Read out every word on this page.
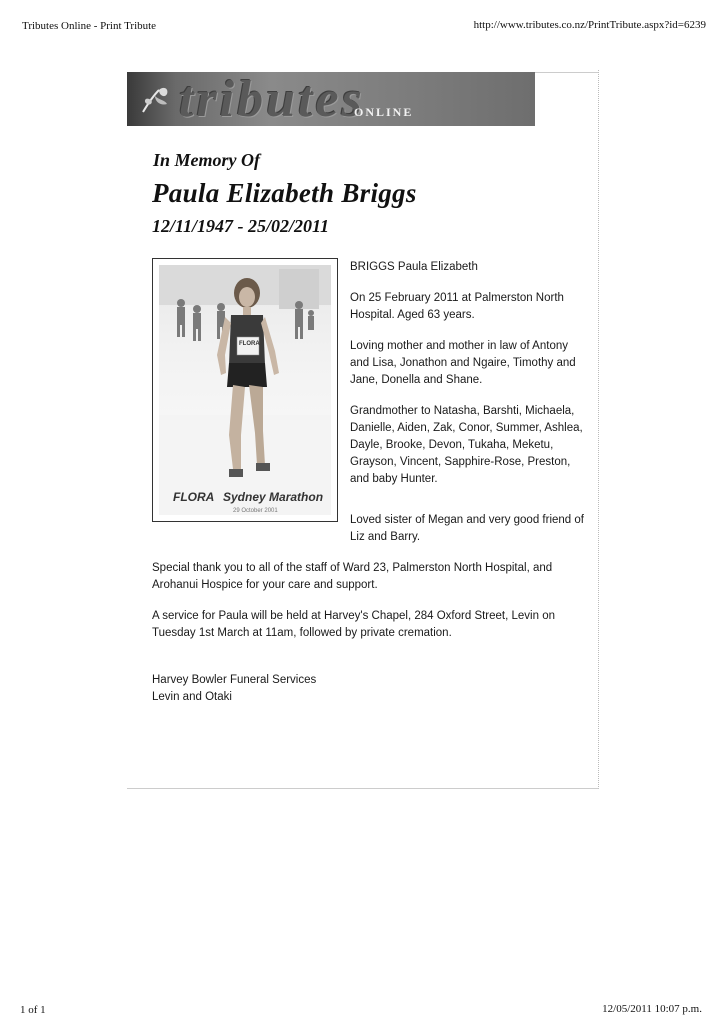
Tributes Online - Print Tribute	http://www.tributes.co.nz/PrintTribute.aspx?id=6239
tributes
ONLINE
In Memory Of
Paula Elizabeth Briggs
12/11/1947 - 25/02/2011
FLORA
FLORA Sydney Marathon
29 October 2001

BRIGGS Paula Elizabeth

On 25 February 2011 at Palmerston North Hospital. Aged 63 years.

Loving mother and mother in law of Antony and Lisa, Jonathon and Ngaire, Timothy and Jane, Donella and Shane.

Grandmother to Natasha, Barshti, Michaela, Danielle, Aiden, Zak, Conor, Summer, Ashlea, Dayle, Brooke, Devon, Tukaha, Meketu, Grayson, Vincent, Sapphire-Rose, Preston, and baby Hunter.

Loved sister of Megan and very good friend of Liz and Barry.

Special thank you to all of the staff of Ward 23, Palmerston North Hospital, and Arohanui Hospice for your care and support.

A service for Paula will be held at Harvey's Chapel, 284 Oxford Street, Levin on Tuesday 1st March at 11am, followed by private cremation.

Harvey Bowler Funeral Services

Levin and Otaki

1 of 1	12/05/2011 10:07 p.m.
